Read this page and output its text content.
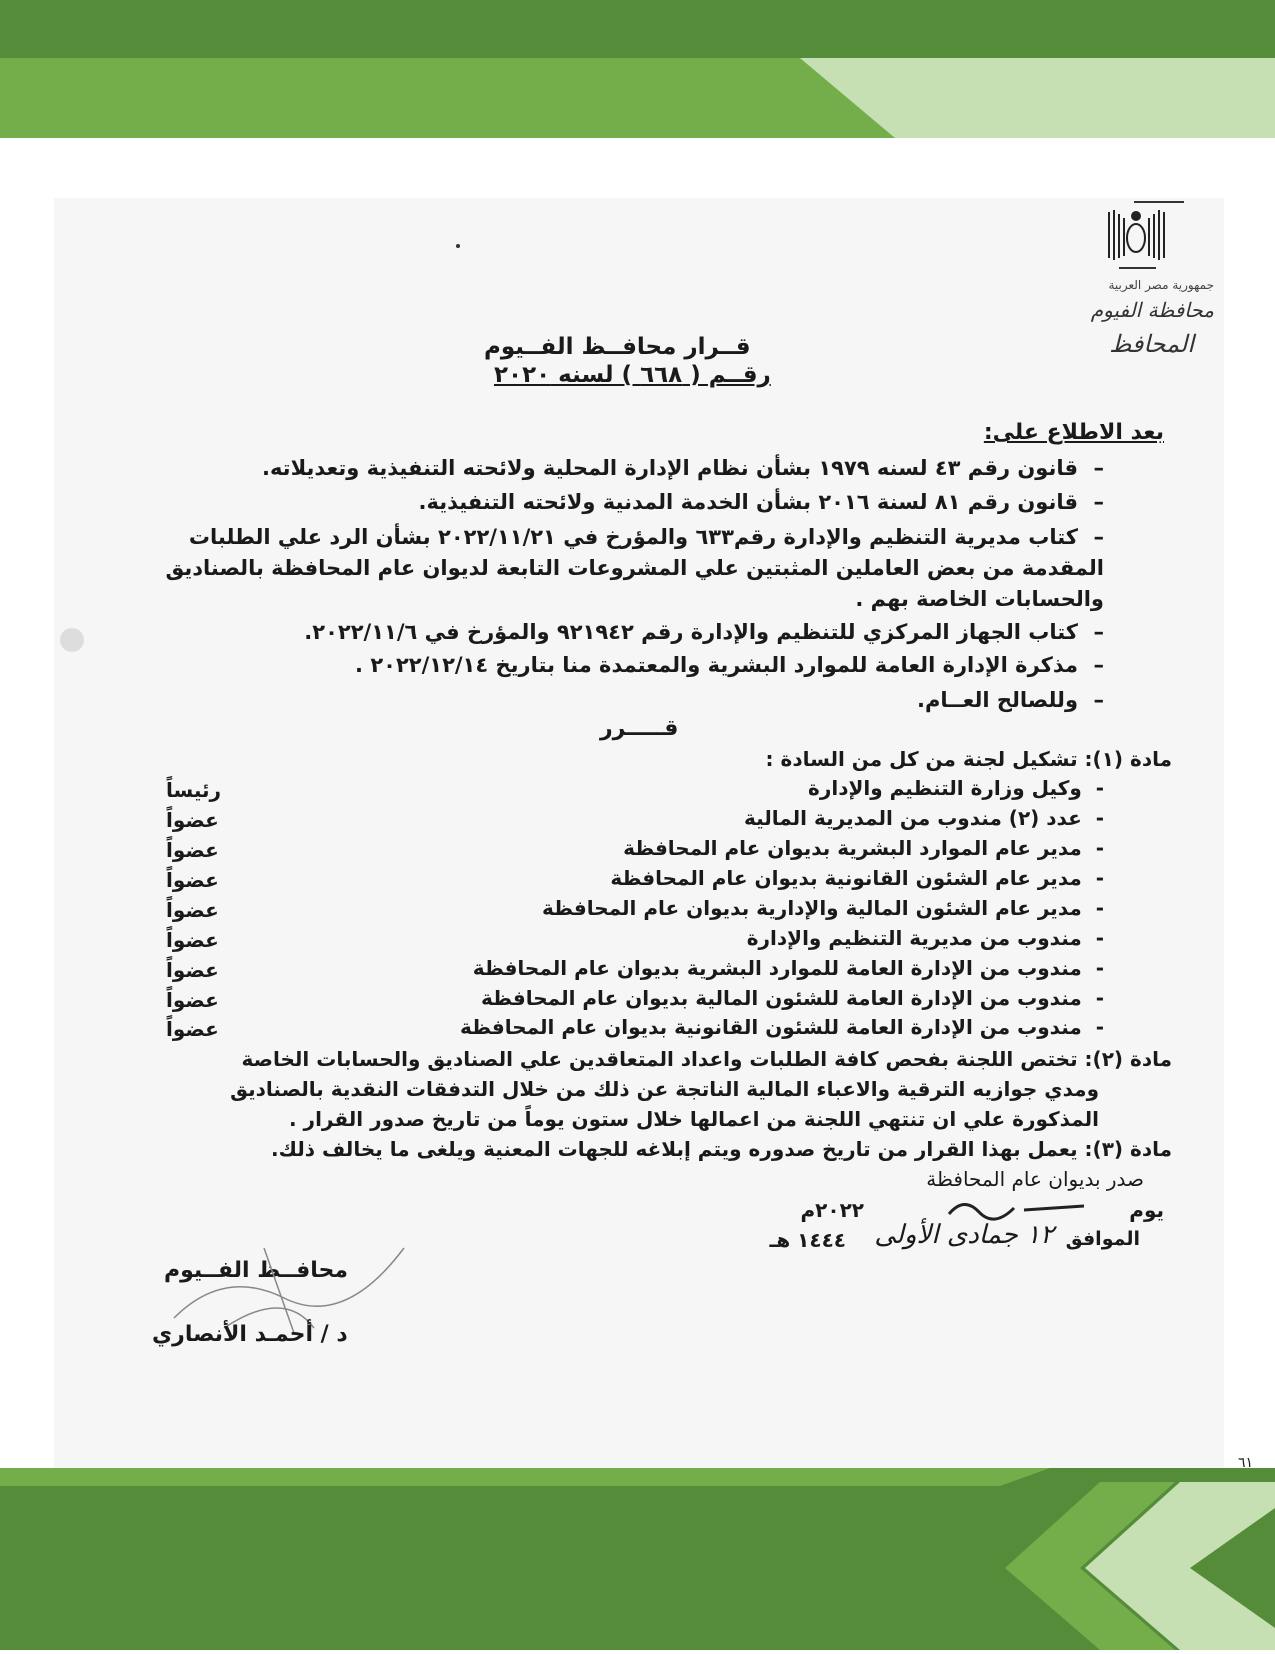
جمهورية مصر العربية
محافظة الفيوم
المحافظ
قــرار محافــظ الفــيوم
رقــم ( ٦٦٨ ) لسنه ٢٠٢٠
بعد الاطلاع على:
–قانون رقم ٤٣ لسنه ١٩٧٩ بشأن نظام الإدارة المحلية ولائحته التنفيذية وتعديلاته.
–قانون رقم ٨١ لسنة ٢٠١٦ بشأن الخدمة المدنية ولائحته التنفيذية.
–كتاب مديرية التنظيم والإدارة رقم٦٣٣ والمؤرخ في ٢٠٢٢/١١/٢١ بشأن الرد علي الطلبات المقدمة من بعض العاملين المثبتين علي المشروعات التابعة لديوان عام المحافظة بالصناديق والحسابات الخاصة بهم .
–كتاب الجهاز المركزي للتنظيم والإدارة رقم ٩٢١٩٤٢ والمؤرخ في ٢٠٢٢/١١/٦.
–مذكرة الإدارة العامة للموارد البشرية والمعتمدة منا بتاريخ ٢٠٢٢/١٢/١٤ .
–وللصالح العــام.
قـــــرر
مادة (١): تشكيل لجنة من كل من السادة :
-  وكيل وزارة التنظيم والإدارة
رئيساً
-  عدد (٢) مندوب من المديرية المالية
عضواً
-  مدير عام الموارد البشرية بديوان عام المحافظة
عضواً
-  مدير عام الشئون القانونية بديوان عام المحافظة
عضواً
-  مدير عام الشئون المالية والإدارية بديوان عام المحافظة
عضواً
-  مندوب من مديرية التنظيم والإدارة
عضواً
-  مندوب من الإدارة العامة للموارد البشرية بديوان عام المحافظة
عضواً
-  مندوب من الإدارة العامة للشئون المالية بديوان عام المحافظة
عضواً
-  مندوب من الإدارة العامة للشئون القانونية بديوان عام المحافظة
عضواً
مادة (٢): تختص اللجنة بفحص كافة الطلبات واعداد المتعاقدين علي الصناديق والحسابات الخاصة
ومدي جوازيه الترقية والاعباء المالية الناتجة عن ذلك من خلال التدفقات النقدية بالصناديق
المذكورة علي ان تنتهي اللجنة من اعمالها خلال ستون يوماً من تاريخ صدور القرار .
مادة (٣): يعمل بهذا القرار من تاريخ صدوره ويتم إبلاغه للجهات المعنية ويلغى ما يخالف ذلك.
صدر بديوان عام المحافظة
يوم
٢٠٢٢م
الموافق
١٢ جمادى الأولى
١٤٤٤ هـ
محافــظ الفــيوم
د / أحمـد الأنصاري
٦١
